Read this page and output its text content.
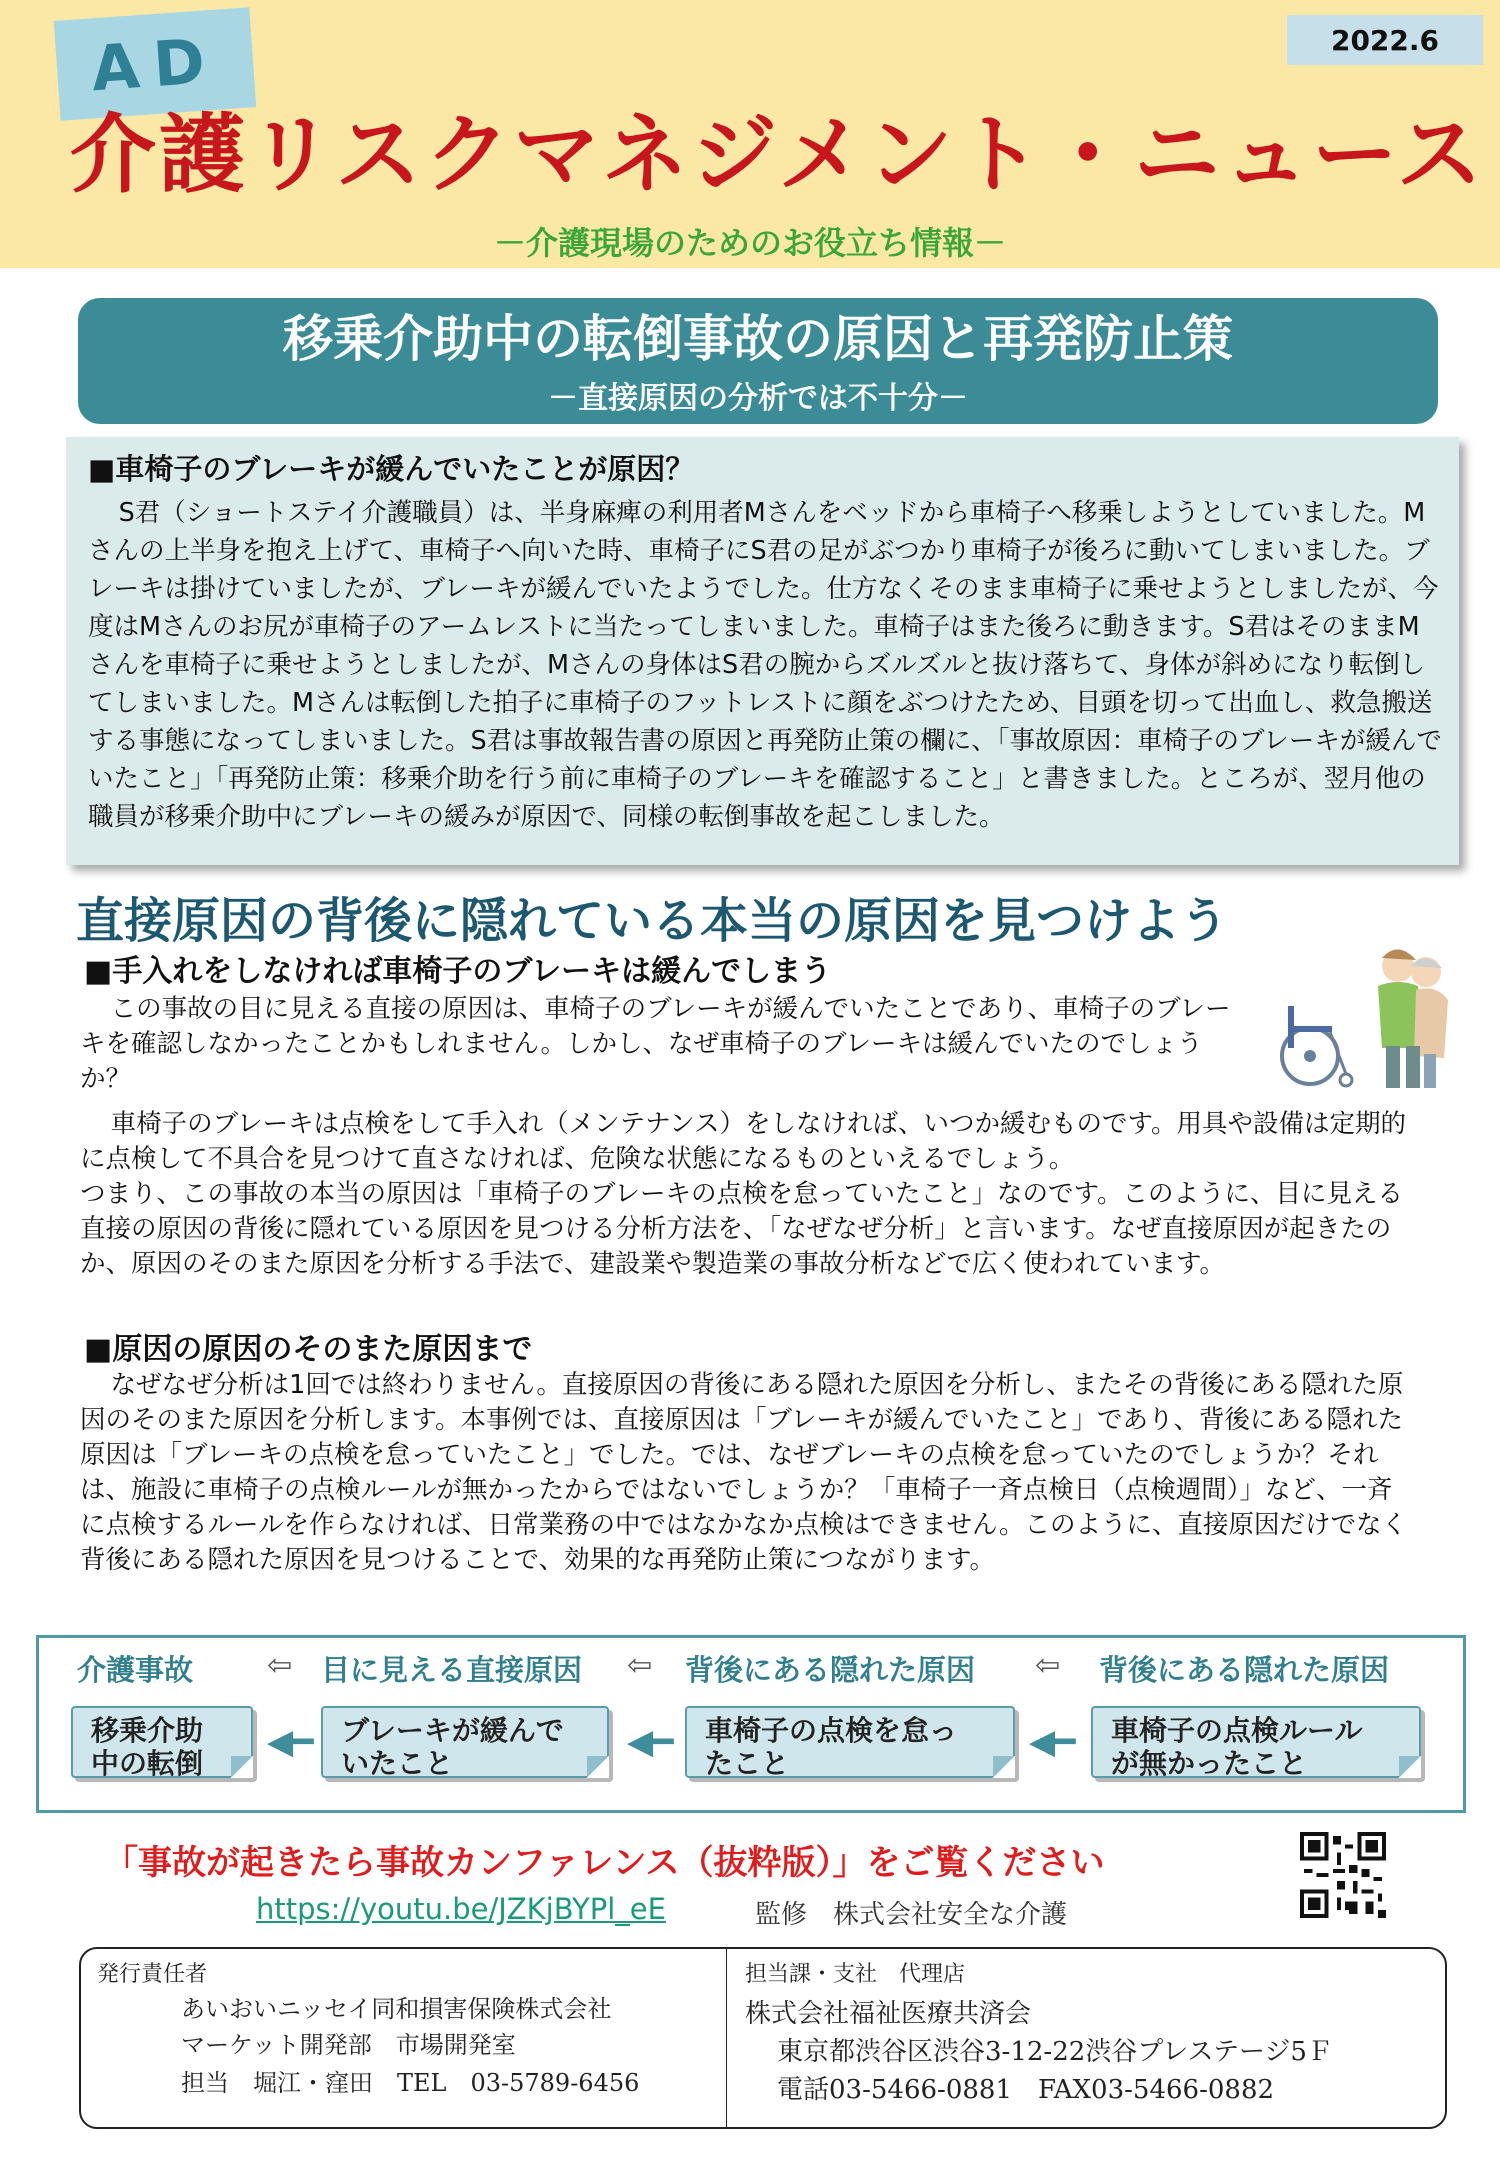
AD	2022.6
介護リスクマネジメント・ニュース
－介護現場のためのお役立ち情報－
移乗介助中の転倒事故の原因と再発防止策
－直接原因の分析では不十分－
■車椅子のブレーキが緩んでいたことが原因？

S君（ショートステイ介護職員）は、半身麻痺の利用者Mさんをベッドから車椅子へ移乗しようとしていました。Mさんの上半身を抱え上げて、車椅子へ向いた時、車椅子にS君の足がぶつかり車椅子が後ろに動いてしまいました。ブレーキは掛けていましたが、ブレーキが緩んでいたようでした。仕方なくそのまま車椅子に乗せようとしましたが、今度はMさんのお尻が車椅子のアームレストに当たってしまいました。車椅子はまた後ろに動きます。S君はそのままMさんを車椅子に乗せようとしましたが、Mさんの身体はS君の腕からズルズルと抜け落ちて、身体が斜めになり転倒してしまいました。Mさんは転倒した拍子に車椅子のフットレストに顔をぶつけたため、目頭を切って出血し、救急搬送する事態になってしまいました。S君は事故報告書の原因と再発防止策の欄に、「事故原因：車椅子のブレーキが緩んでいたこと」「再発防止策：移乗介助を行う前に車椅子のブレーキを確認すること」と書きました。ところが、翌月他の職員が移乗介助中にブレーキの緩みが原因で、同様の転倒事故を起こしました。

直接原因の背後に隠れている本当の原因を見つけよう
■手入れをしなければ車椅子のブレーキは緩んでしまう

この事故の目に見える直接の原因は、車椅子のブレーキが緩んでいたことであり、車椅子のブレーキを確認しなかったことかもしれません。しかし、なぜ車椅子のブレーキは緩んでいたのでしょうか？

車椅子のブレーキは点検をして手入れ（メンテナンス）をしなければ、いつか緩むものです。用具や設備は定期的に点検して不具合を見つけて直さなければ、危険な状態になるものといえるでしょう。

つまり、この事故の本当の原因は「車椅子のブレーキの点検を怠っていたこと」なのです。このように、目に見える直接の原因の背後に隠れている原因を見つける分析方法を、「なぜなぜ分析」と言います。なぜ直接原因が起きたのか、原因のそのまた原因を分析する手法で、建設業や製造業の事故分析などで広く使われています。

■原因の原因のそのまた原因まで

なぜなぜ分析は1回では終わりません。直接原因の背後にある隠れた原因を分析し、またその背後にある隠れた原因のそのまた原因を分析します。本事例では、直接原因は「ブレーキが緩んでいたこと」であり、背後にある隠れた原因は「ブレーキの点検を怠っていたこと」でした。では、なぜブレーキの点検を怠っていたのでしょうか？それは、施設に車椅子の点検ルールが無かったからではないでしょうか？「車椅子一斉点検日（点検週間）」など、一斉に点検するルールを作らなければ、日常業務の中ではなかなか点検はできません。このように、直接原因だけでなく背後にある隠れた原因を見つけることで、効果的な再発防止策につながります。

介護事故 ⇦ 目に見える直接原因 ⇦ 背後にある隠れた原因 ⇦ 背後にある隠れた原因
移乗介助
中の転倒
◀━ ブレーキが緩んで
いたこと
◀━ 車椅子の点検を怠っ
たこと
◀━ 車椅子の点検ルール
が無かったこと
「事故が起きたら事故カンファレンス（抜粋版）」をご覧ください
https://youtu.be/JZKjBYPl_eE	監修　株式会社安全な介護
発行責任者
あいおいニッセイ同和損害保険株式会社
マーケット開発部　市場開発室
担当　堀江・窪田　TEL　03-5789-6456
担当課・支社　代理店
株式会社福祉医療共済会
東京都渋谷区渋谷3-12-22渋谷プレステージ5Ｆ
電話03-5466-0881　FAX03-5466-0882
